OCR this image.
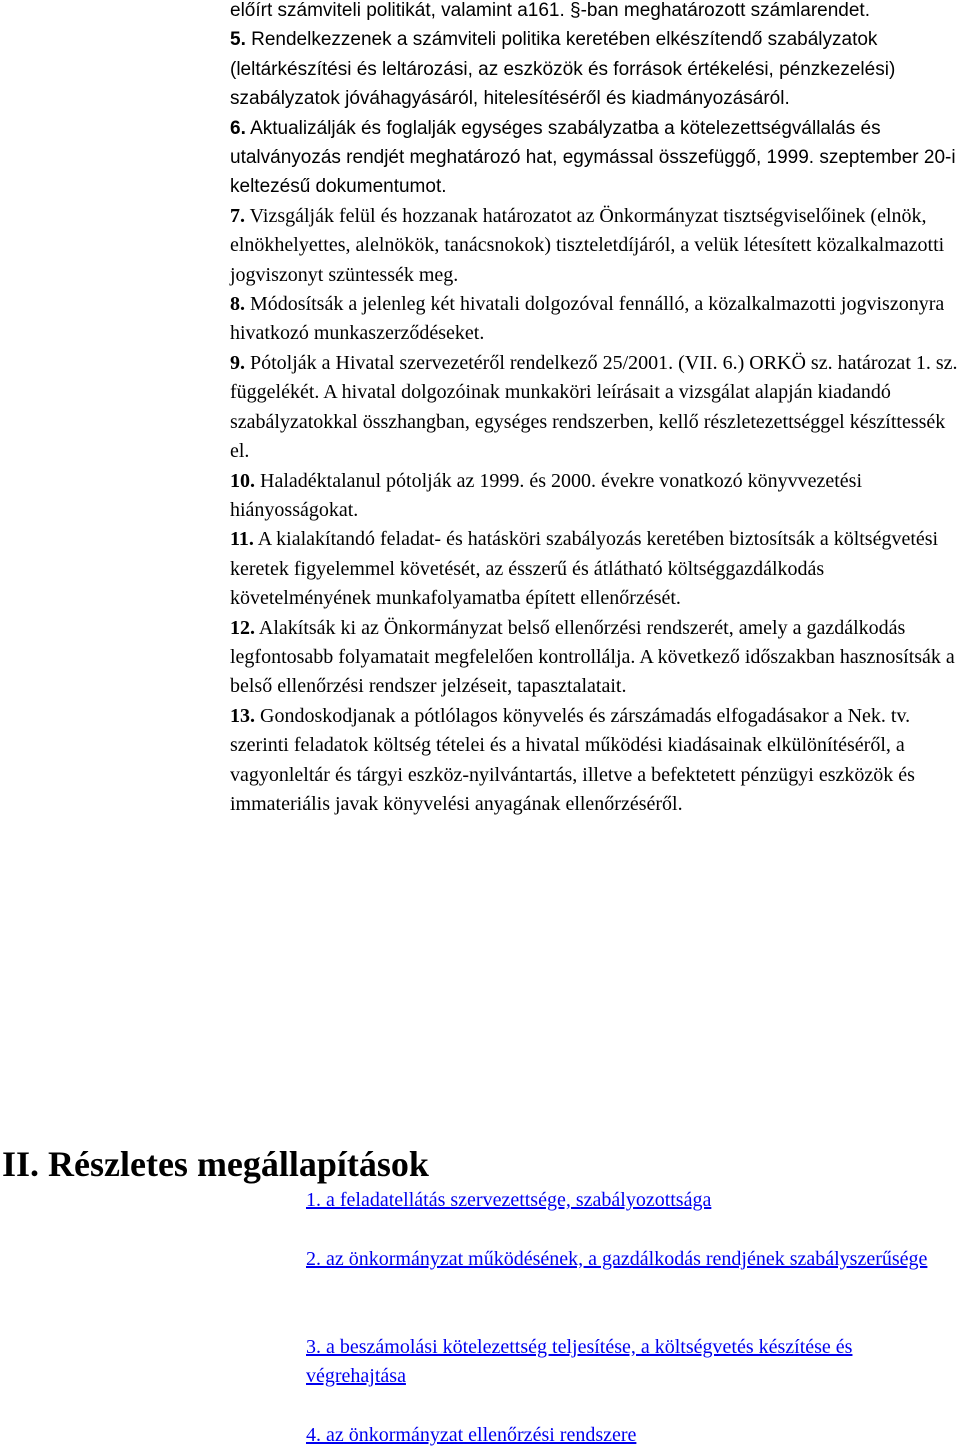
előírt számviteli politikát, valamint a161. §-ban meghatározott számlarendet.

5. Rendelkezzenek a számviteli politika keretében elkészítendő szabályzatok (leltárkészítési és leltározási, az eszközök és források értékelési, pénzkezelési) szabályzatok jóváhagyásáról, hitelesítéséről és kiadmányozásáról.

6. Aktualizálják és foglalják egységes szabályzatba a kötelezettségvállalás és utalványozás rendjét meghatározó hat, egymással összefüggő, 1999. szeptember 20-i keltezésű dokumentumot.

7. Vizsgálják felül és hozzanak határozatot az Önkormányzat tisztségviselőinek (elnök, elnökhelyettes, alelnökök, tanácsnokok) tiszteletdíjáról, a velük létesített közalkalmazotti jogviszonyt szüntessék meg.

8. Módosítsák a jelenleg két hivatali dolgozóval fennálló, a közalkalmazotti jogviszonyra hivatkozó munkaszerződéseket.

9. Pótolják a Hivatal szervezetéről rendelkező 25/2001. (VII. 6.) ORKÖ sz. határozat 1. sz. függelékét. A hivatal dolgozóinak munkaköri leírásait a vizsgálat alapján kiadandó szabályzatokkal összhangban, egységes rendszerben, kellő részletezettséggel készíttessék el.

10. Haladéktalanul pótolják az 1999. és 2000. évekre vonatkozó könyvvezetési hiányosságokat.

11. A kialakítandó feladat- és hatásköri szabályozás keretében biztosítsák a költségvetési keretek figyelemmel követését, az ésszerű és átlátható költséggazdálkodás követelményének munkafolyamatba épített ellenőrzését.

12. Alakítsák ki az Önkormányzat belső ellenőrzési rendszerét, amely a gazdálkodás legfontosabb folyamatait megfelelően kontrollálja. A következő időszakban hasznosítsák a belső ellenőrzési rendszer jelzéseit, tapasztalatait.

13. Gondoskodjanak a pótlólagos könyvelés és zárszámadás elfogadásakor a Nek. tv. szerinti feladatok költség tételei és a hivatal működési kiadásainak elkülönítéséről, a vagyonleltár és tárgyi eszköz-nyilvántartás, illetve a befektetett pénzügyi eszközök és immateriális javak könyvelési anyagának ellenőrzéséről.

II. Részletes megállapítások
1. a feladatellátás szervezettsége, szabályozottsága
2. az önkormányzat működésének, a gazdálkodás rendjének szabályszerűsége
3. a beszámolási kötelezettség teljesítése, a költségvetés készítése és végrehajtása
4. az önkormányzat ellenőrzési rendszere
